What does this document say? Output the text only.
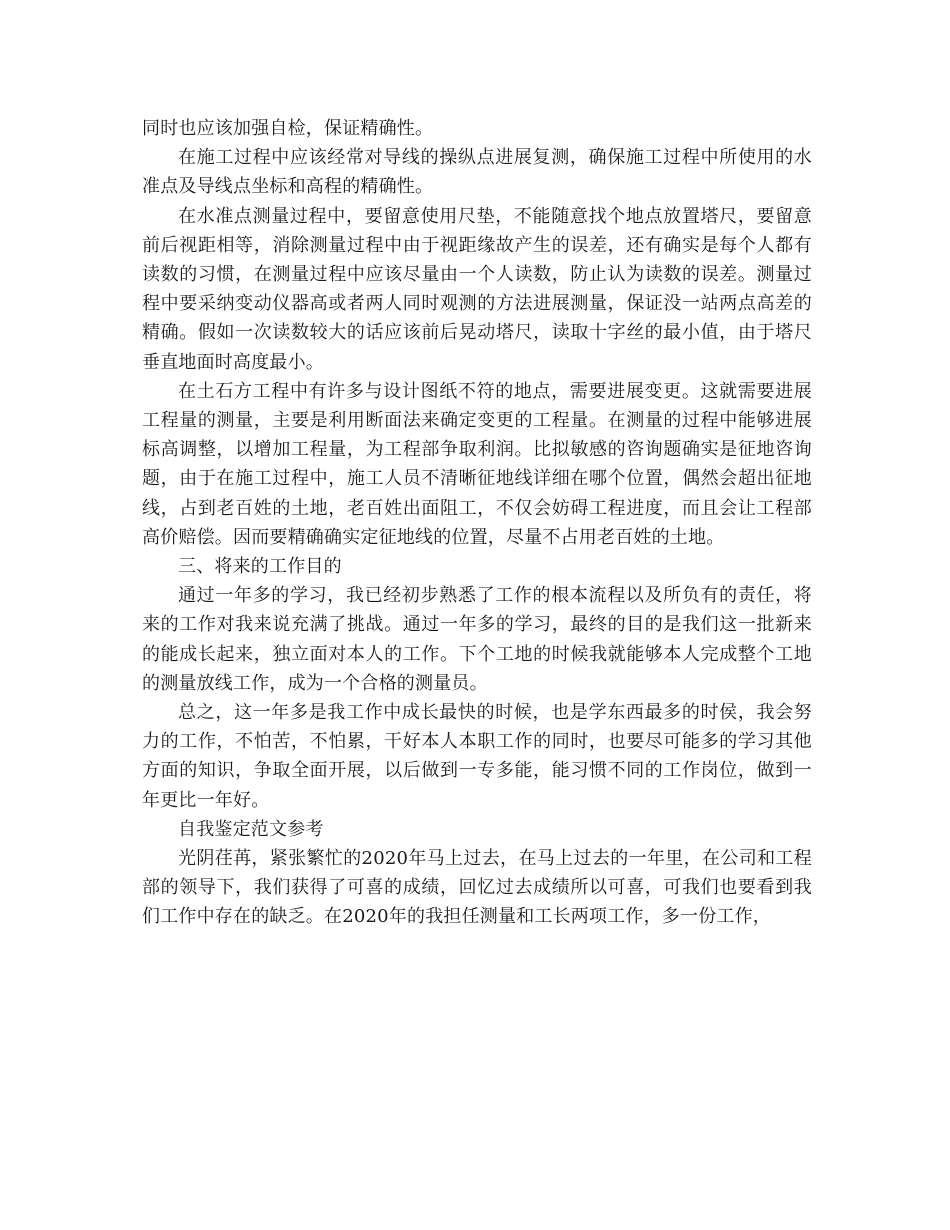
同时也应该加强自检，保证精确性。

在施工过程中应该经常对导线的操纵点进展复测，确保施工过程中所使用的水准点及导线点坐标和高程的精确性。

在水准点测量过程中，要留意使用尺垫，不能随意找个地点放置塔尺，要留意前后视距相等，消除测量过程中由于视距缘故产生的误差，还有确实是每个人都有读数的习惯，在测量过程中应该尽量由一个人读数，防止认为读数的误差。测量过程中要采纳变动仪器高或者两人同时观测的方法进展测量，保证没一站两点高差的精确。假如一次读数较大的话应该前后晃动塔尺，读取十字丝的最小值，由于塔尺垂直地面时高度最小。

在土石方工程中有许多与设计图纸不符的地点，需要进展变更。这就需要进展工程量的测量，主要是利用断面法来确定变更的工程量。在测量的过程中能够进展标高调整，以增加工程量，为工程部争取利润。比拟敏感的咨询题确实是征地咨询题，由于在施工过程中，施工人员不清晰征地线详细在哪个位置，偶然会超出征地线，占到老百姓的土地，老百姓出面阻工，不仅会妨碍工程进度，而且会让工程部高价赔偿。因而要精确确实定征地线的位置，尽量不占用老百姓的土地。

三、将来的工作目的

通过一年多的学习，我已经初步熟悉了工作的根本流程以及所负有的责任，将来的工作对我来说充满了挑战。通过一年多的学习，最终的目的是我们这一批新来的能成长起来，独立面对本人的工作。下个工地的时候我就能够本人完成整个工地的测量放线工作，成为一个合格的测量员。

总之，这一年多是我工作中成长最快的时候，也是学东西最多的时侯，我会努力的工作，不怕苦，不怕累，干好本人本职工作的同时，也要尽可能多的学习其他方面的知识，争取全面开展，以后做到一专多能，能习惯不同的工作岗位，做到一年更比一年好。

自我鉴定范文参考

光阴荏苒，紧张繁忙的2020年马上过去，在马上过去的一年里，在公司和工程部的领导下，我们获得了可喜的成绩，回忆过去成绩所以可喜，可我们也要看到我们工作中存在的缺乏。在2020年的我担任测量和工长两项工作，多一份工作，
